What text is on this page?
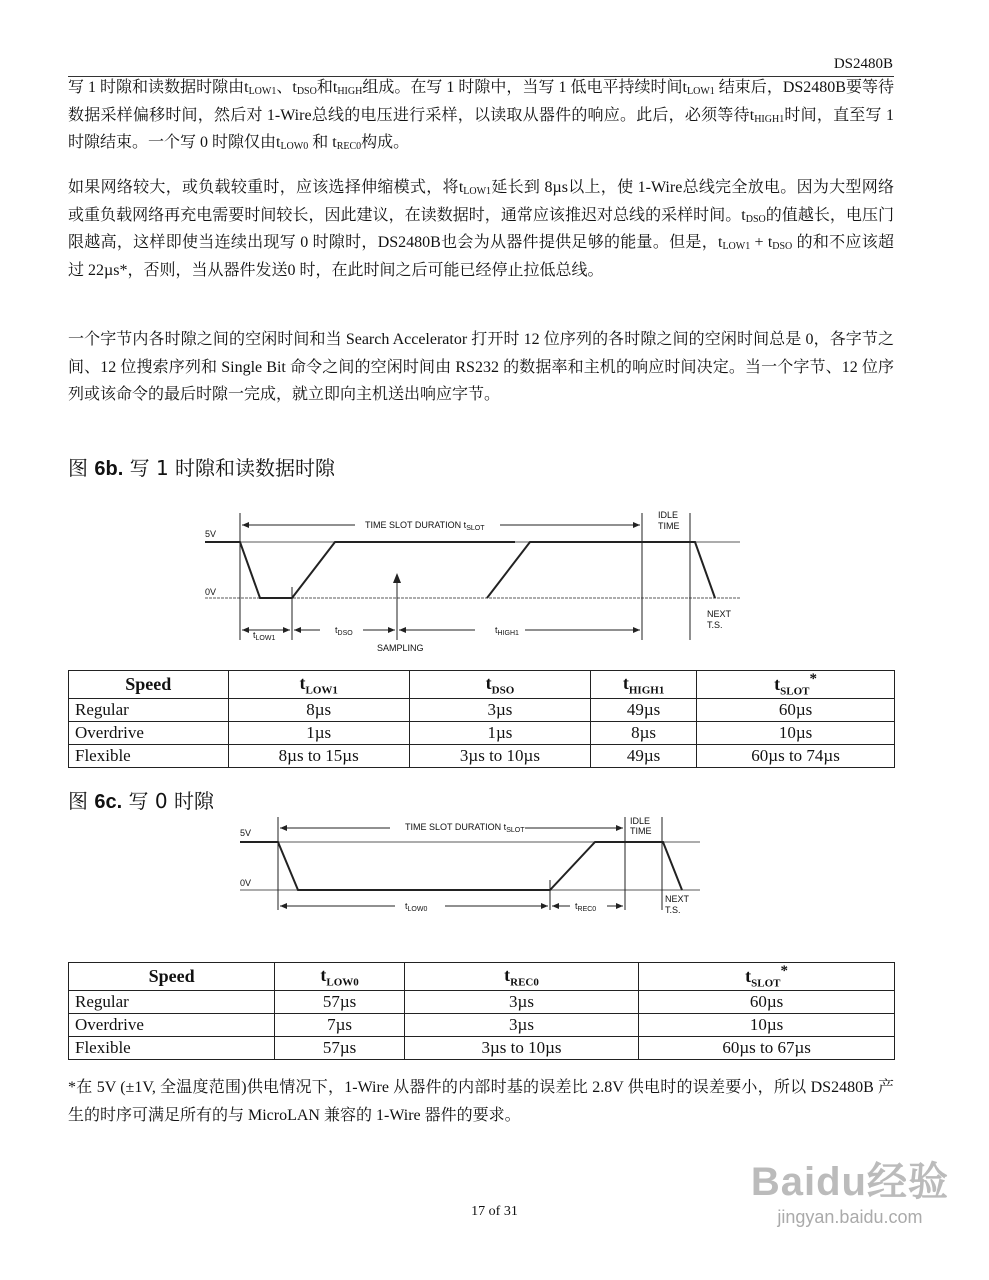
DS2480B
写 1 时隙和读数据时隙由$t_{LOW1}$、$t_{DSO}$和$t_{HIGH}$组成。在写 1 时隙中，当写 1 低电平持续时间$t_{LOW1}$ 结束后，DS2480B要等待数据采样偏移时间，然后对 1-Wire总线的电压进行采样，以读取从器件的响应。此后，必须等待$t_{HIGH1}$时间，直至写 1 时隙结束。一个写 0 时隙仅由$t_{LOW0}$ 和 $t_{REC0}$构成。
如果网络较大，或负载较重时，应该选择伸缩模式，将$t_{LOW1}$延长到 8µs以上，使 1-Wire总线完全放电。因为大型网络或重负载网络再充电需要时间较长，因此建议，在读数据时，通常应该推迟对总线的采样时间。$t_{DSO}$的值越长，电压门限越高，这样即使当连续出现写 0 时隙时，DS2480B也会为从器件提供足够的能量。但是，$t_{LOW1} + t_{DSO}$ 的和不应该超过 22µs*，否则，当从器件发送0 时，在此时间之后可能已经停止拉低总线。
一个字节内各时隙之间的空闲时间和当 Search Accelerator 打开时 12 位序列的各时隙之间的空闲时间总是 0，各字节之间、12 位搜索序列和 Single Bit 命令之间的空闲时间由 RS232 的数据率和主机的响应时间决定。当一个字节、12 位序列或该命令的最后时隙一完成，就立即向主机送出响应字节。
图 6b. 写 1 时隙和读数据时隙
5V
0V
TIME SLOT DURATION $t_{SLOT}$
IDLE
TIME
$t_{LOW1}$
$t_{DSO}$	$t_{HIGH1}$
SAMPLING
NEXT
T.S.
Speed	$t_{LOW1}$	$t_{DSO}$	$t_{HIGH1}$	$t_{SLOT}^*$
Regular	8µs	3µs	49µs	60µs
Overdrive	1µs	1µs	8µs	10µs
Flexible	8µs to 15µs	3µs to 10µs	49µs	60µs to 74µs
图 6c. 写 0 时隙
5V
0V
TIME SLOT DURATION $t_{SLOT}$
IDLE
TIME
$t_{LOW0}$	$t_{REC0}$
NEXT
T.S.
Speed	$t_{LOW0}$	$t_{REC0}$	$t_{SLOT}^*$
Regular	57µs	3µs	60µs
Overdrive	7µs	3µs	10µs
Flexible	57µs	3µs to 10µs	60µs to 67µs
*在 5V (±1V, 全温度范围)供电情况下，1-Wire 从器件的内部时基的误差比 2.8V 供电时的误差要小，所以 DS2480B 产生的时序可满足所有的与 MicroLAN 兼容的 1-Wire 器件的要求。
17 of 31
Baidu经验
jingyan.baidu.com
